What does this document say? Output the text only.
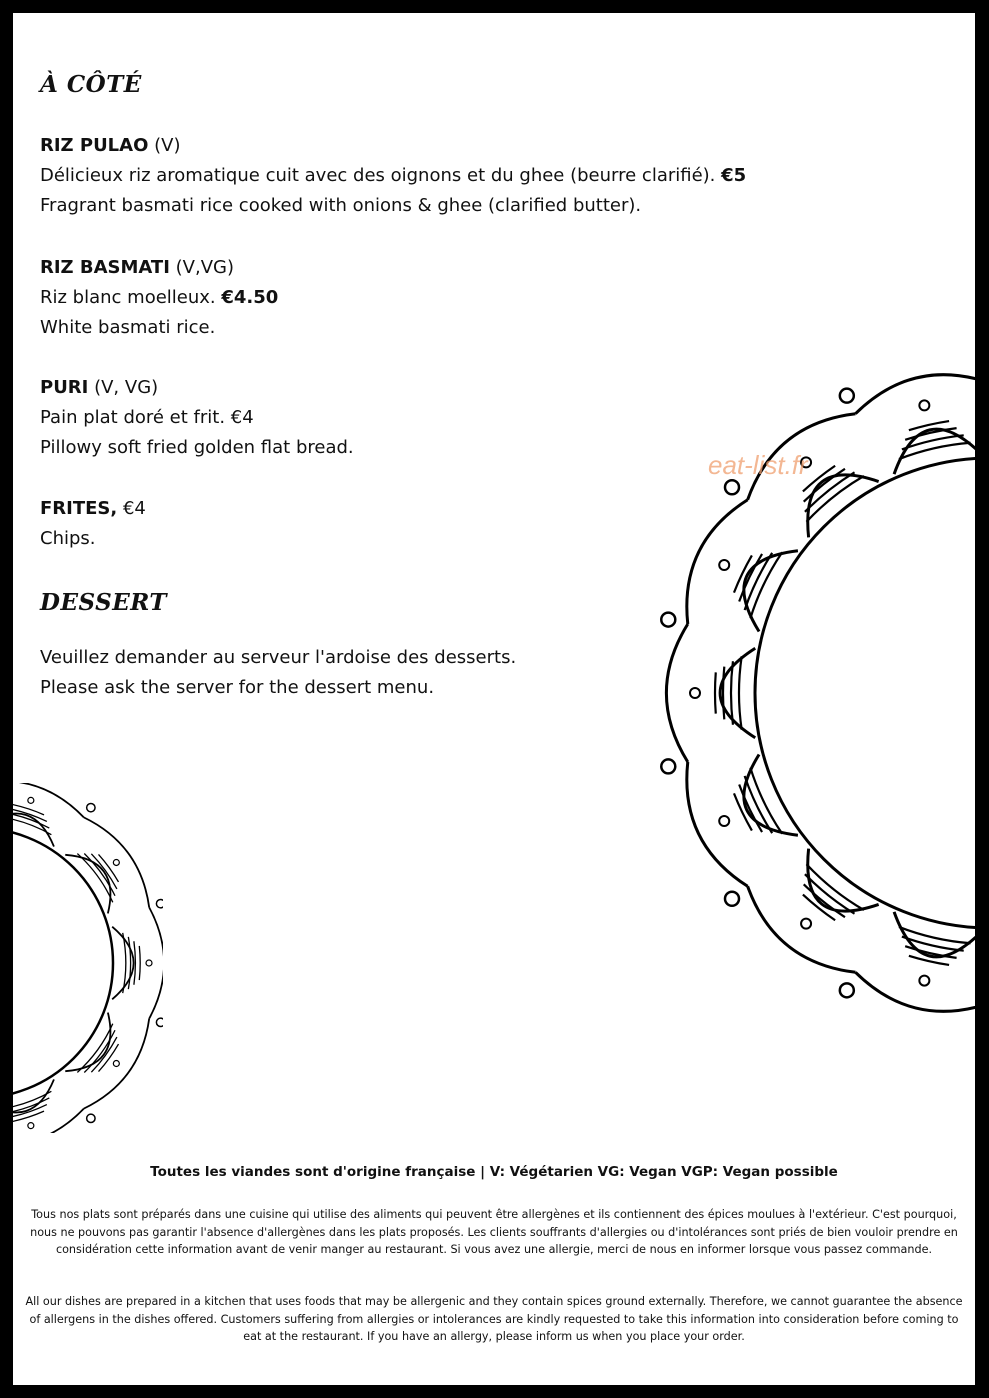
À CÔTÉ
RIZ PULAO (V)
Délicieux riz aromatique cuit avec des oignons et du ghee (beurre clarifié). €5
Fragrant basmati rice cooked with onions & ghee (clarified butter).
RIZ BASMATI (V,VG)
Riz blanc moelleux. €4.50
White basmati rice.
PURI (V, VG)
Pain plat doré et frit. €4
Pillowy soft fried golden flat bread.
FRITES, €4
Chips.
DESSERT
Veuillez demander au serveur l'ardoise des desserts.
Please ask the server for the dessert menu.
eat-list.fr
Toutes les viandes sont d'origine française | V: Végétarien VG: Vegan VGP: Vegan possible
Tous nos plats sont préparés dans une cuisine qui utilise des aliments qui peuvent être allergènes et ils contiennent des épices moulues à l'extérieur. C'est pourquoi, nous ne pouvons pas garantir l'absence d'allergènes dans les plats proposés. Les clients souffrants d'allergies ou d'intolérances sont priés de bien vouloir prendre en considération cette information avant de venir manger au restaurant. Si vous avez une allergie, merci de nous en informer lorsque vous passez commande.
All our dishes are prepared in a kitchen that uses foods that may be allergenic and they contain spices ground externally. Therefore, we cannot guarantee the absence of allergens in the dishes offered. Customers suffering from allergies or intolerances are kindly requested to take this information into consideration before coming to eat at the restaurant. If you have an allergy, please inform us when you place your order.
